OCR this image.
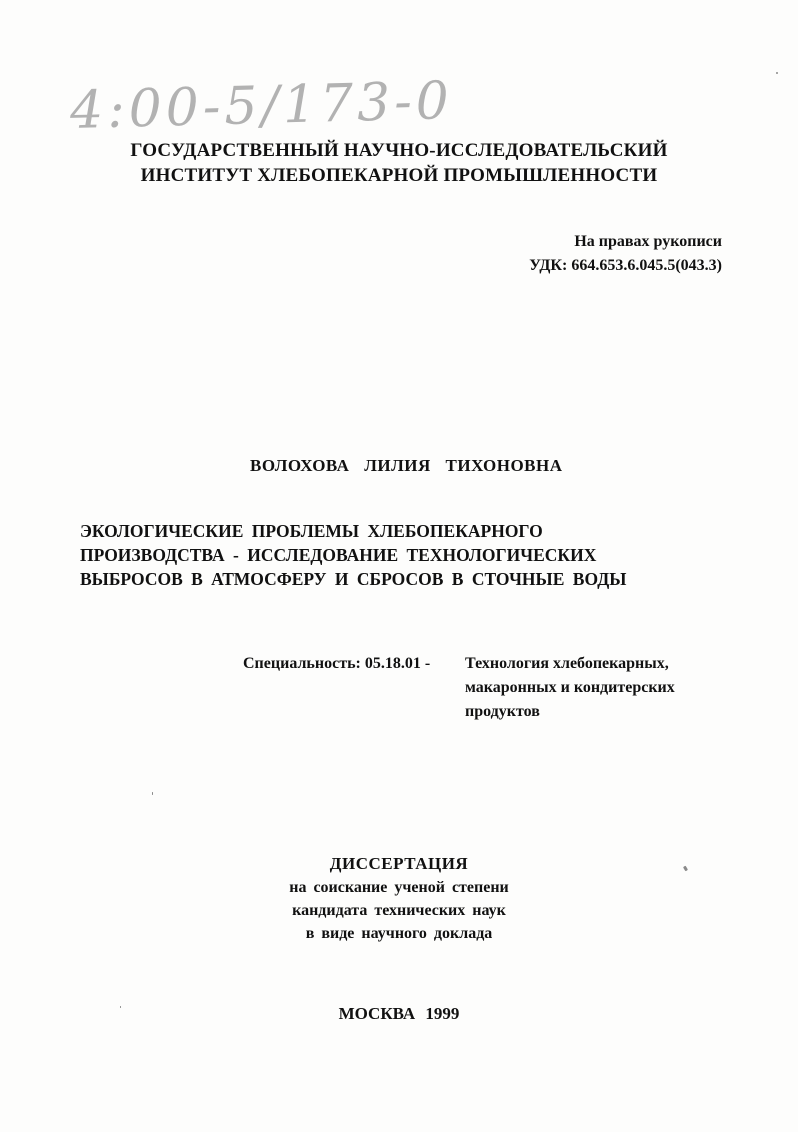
4:00-5/173-0
ГОСУДАРСТВЕННЫЙ НАУЧНО-ИССЛЕДОВАТЕЛЬСКИЙ
ИНСТИТУТ ХЛЕБОПЕКАРНОЙ ПРОМЫШЛЕННОСТИ
На правах рукописи
УДК: 664.653.6.045.5(043.3)
ВОЛОХОВА ЛИЛИЯ ТИХОНОВНА
ЭКОЛОГИЧЕСКИЕ ПРОБЛЕМЫ ХЛЕБОПЕКАРНОГО
ПРОИЗВОДСТВА - ИССЛЕДОВАНИЕ ТЕХНОЛОГИЧЕСКИХ
ВЫБРОСОВ В АТМОСФЕРУ И СБРОСОВ В СТОЧНЫЕ ВОДЫ
Специальность: 05.18.01 -	Технология хлебопекарных,
макаронных и кондитерских
продуктов
ДИССЕРТАЦИЯ
на соискание ученой степени
кандидата технических наук
в виде научного доклада
МОСКВА 1999
